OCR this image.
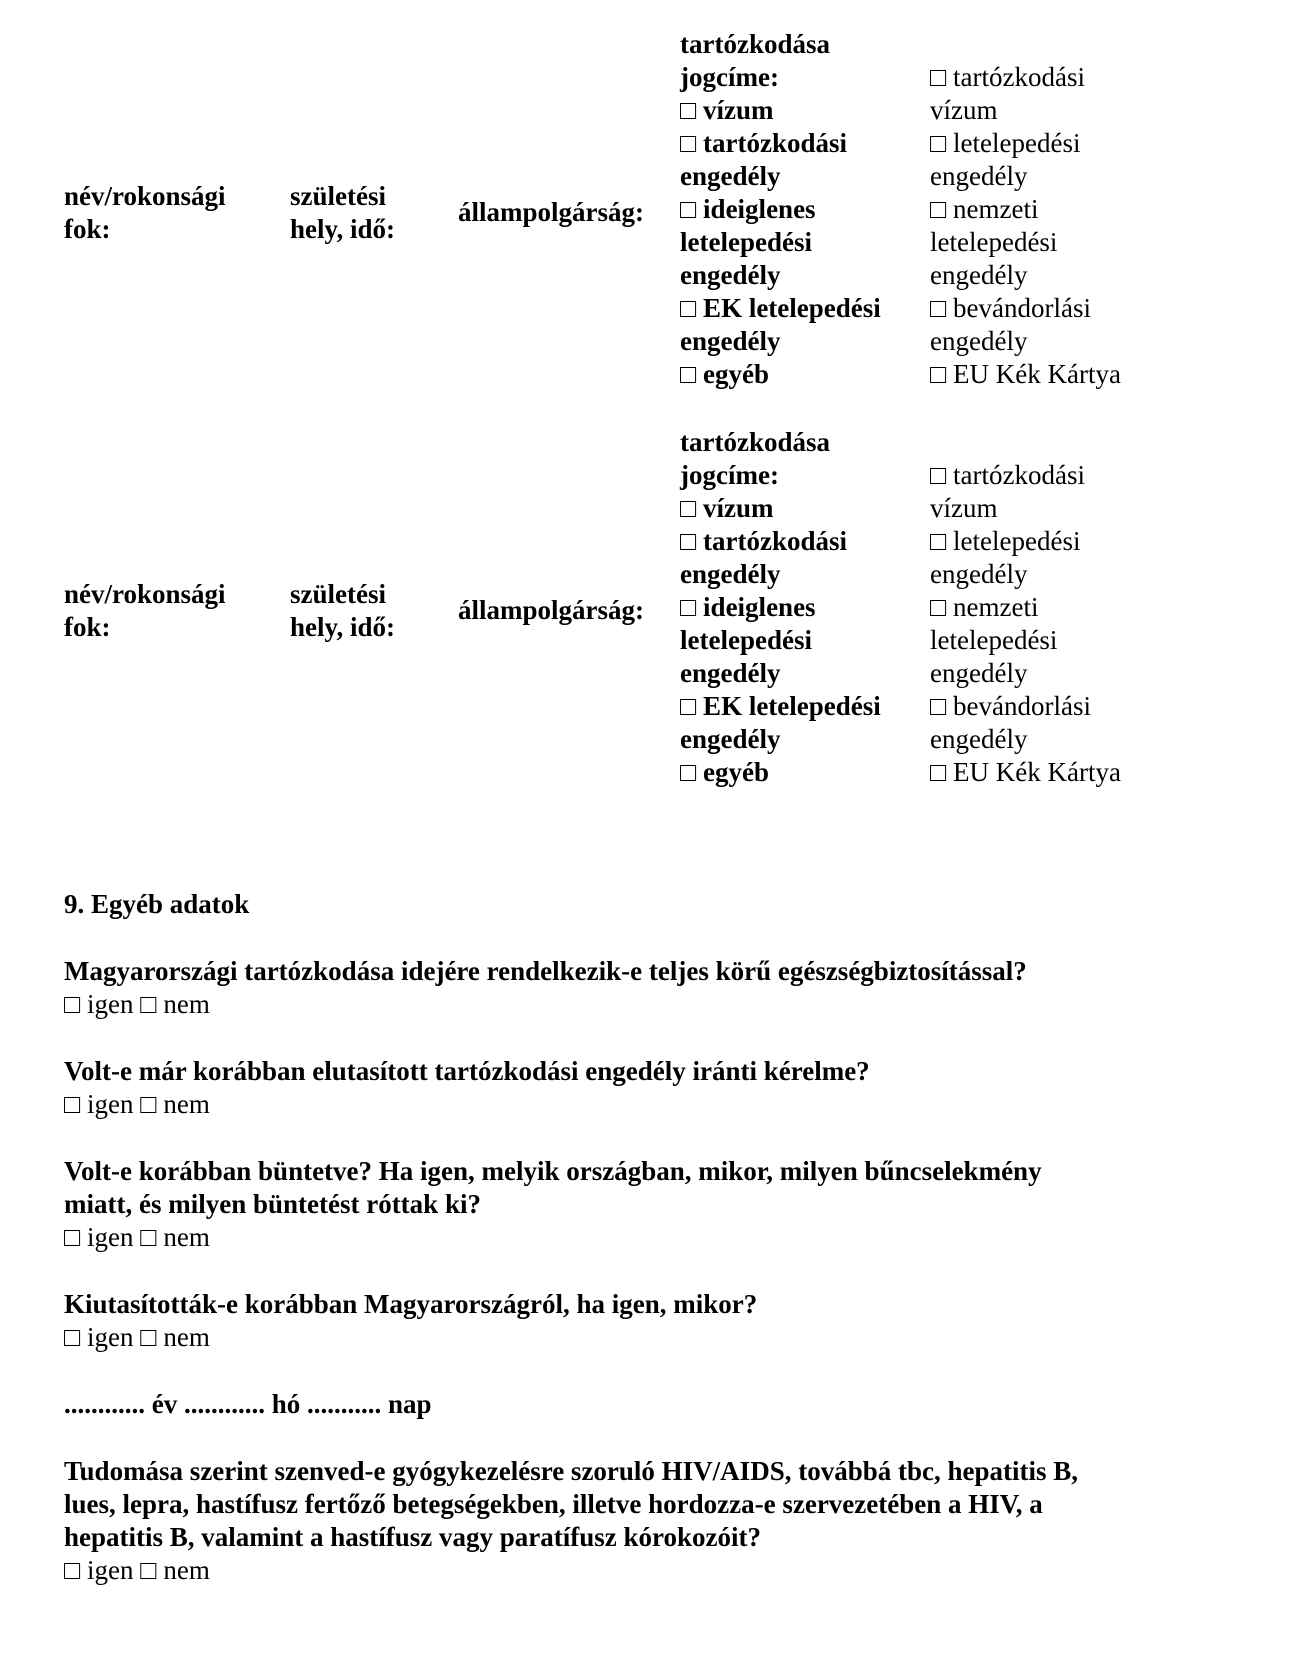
név/rokonsági
fok:
születési
hely, idő:
állampolgárság:
tartózkodása
jogcíme:
□ vízum
□ tartózkodási
engedély
□ ideiglenes
letelepedési
engedély
□ EK letelepedési
engedély
□ egyéb
□ tartózkodási
vízum
□ letelepedési
engedély
□ nemzeti
letelepedési
engedély
□ bevándorlási
engedély
□ EU Kék Kártya
név/rokonsági
fok:
születési
hely, idő:
állampolgárság:
tartózkodása
jogcíme:
□ vízum
□ tartózkodási
engedély
□ ideiglenes
letelepedési
engedély
□ EK letelepedési
engedély
□ egyéb
□ tartózkodási
vízum
□ letelepedési
engedély
□ nemzeti
letelepedési
engedély
□ bevándorlási
engedély
□ EU Kék Kártya
9. Egyéb adatok
Magyarországi tartózkodása idejére rendelkezik-e teljes körű egészségbiztosítással?
□ igen □ nem
Volt-e már korábban elutasított tartózkodási engedély iránti kérelme?
□ igen □ nem
Volt-e korábban büntetve? Ha igen, melyik országban, mikor, milyen bűncselekmény
miatt, és milyen büntetést róttak ki?
□ igen □ nem
Kiutasították-e korábban Magyarországról, ha igen, mikor?
□ igen □ nem
............ év ............ hó ........... nap
Tudomása szerint szenved-e gyógykezelésre szoruló HIV/AIDS, továbbá tbc, hepatitis B,
lues, lepra, hastífusz fertőző betegségekben, illetve hordozza-e szervezetében a HIV, a
hepatitis B, valamint a hastífusz vagy paratífusz kórokozóit?
□ igen □ nem
